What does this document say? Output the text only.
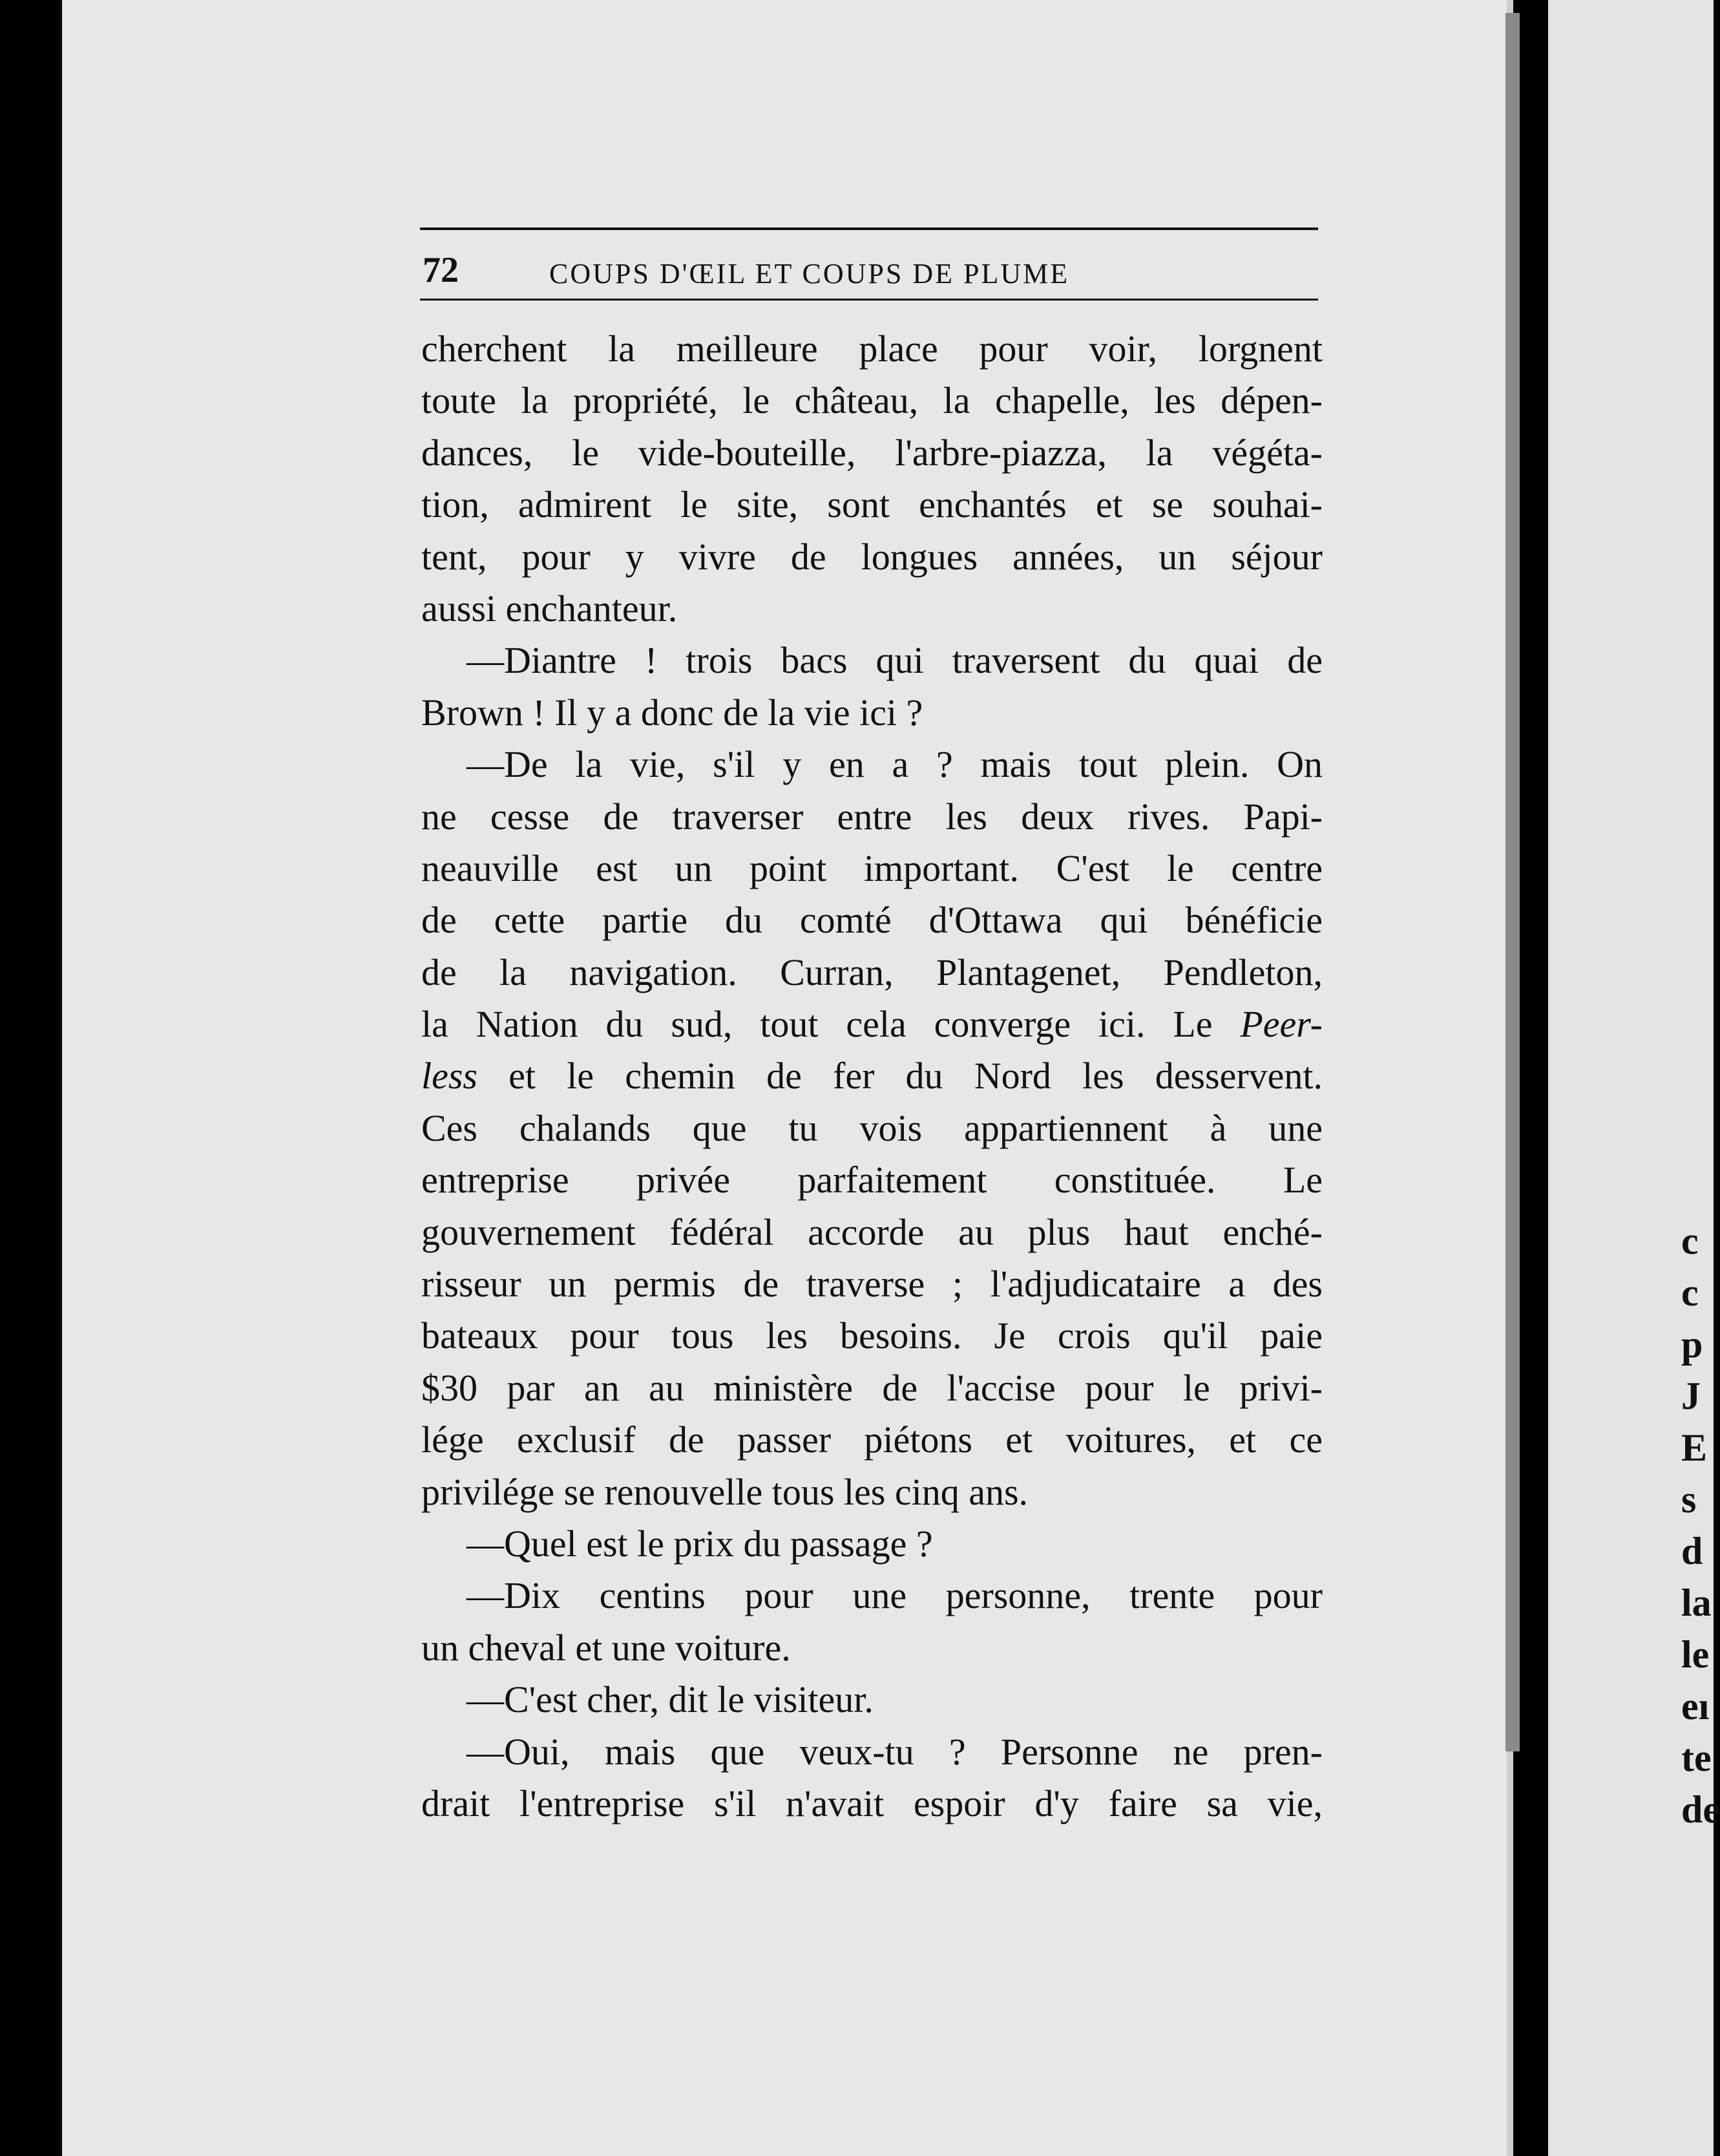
72	COUPS D'ŒIL ET COUPS DE PLUME
cherchent la meilleure place pour voir, lorgnent
toute la propriété, le château, la chapelle, les dépen-
dances, le vide-bouteille, l'arbre-piazza, la végéta-
tion, admirent le site, sont enchantés et se souhai-
tent, pour y vivre de longues années, un séjour
aussi enchanteur.
—Diantre ! trois bacs qui traversent du quai de
Brown ! Il y a donc de la vie ici ?
—De la vie, s'il y en a ? mais tout plein. On
ne cesse de traverser entre les deux rives. Papi-
neauville est un point important. C'est le centre
de cette partie du comté d'Ottawa qui bénéficie
de la navigation. Curran, Plantagenet, Pendleton,
la Nation du sud, tout cela converge ici. Le Peer-
less et le chemin de fer du Nord les desservent.
Ces chalands que tu vois appartiennent à une
entreprise privée parfaitement constituée. Le
gouvernement fédéral accorde au plus haut enché-
risseur un permis de traverse ; l'adjudicataire a des
bateaux pour tous les besoins. Je crois qu'il paie
$30 par an au ministère de l'accise pour le privi-
lége exclusif de passer piétons et voitures, et ce
privilége se renouvelle tous les cinq ans.
—Quel est le prix du passage ?
—Dix centins pour une personne, trente pour
un cheval et une voiture.
—C'est cher, dit le visiteur.
—Oui, mais que veux-tu ? Personne ne pren-
drait l'entreprise s'il n'avait espoir d'y faire sa vie,
c
c
p
J
E
s
d
la
le
eı
te
de
